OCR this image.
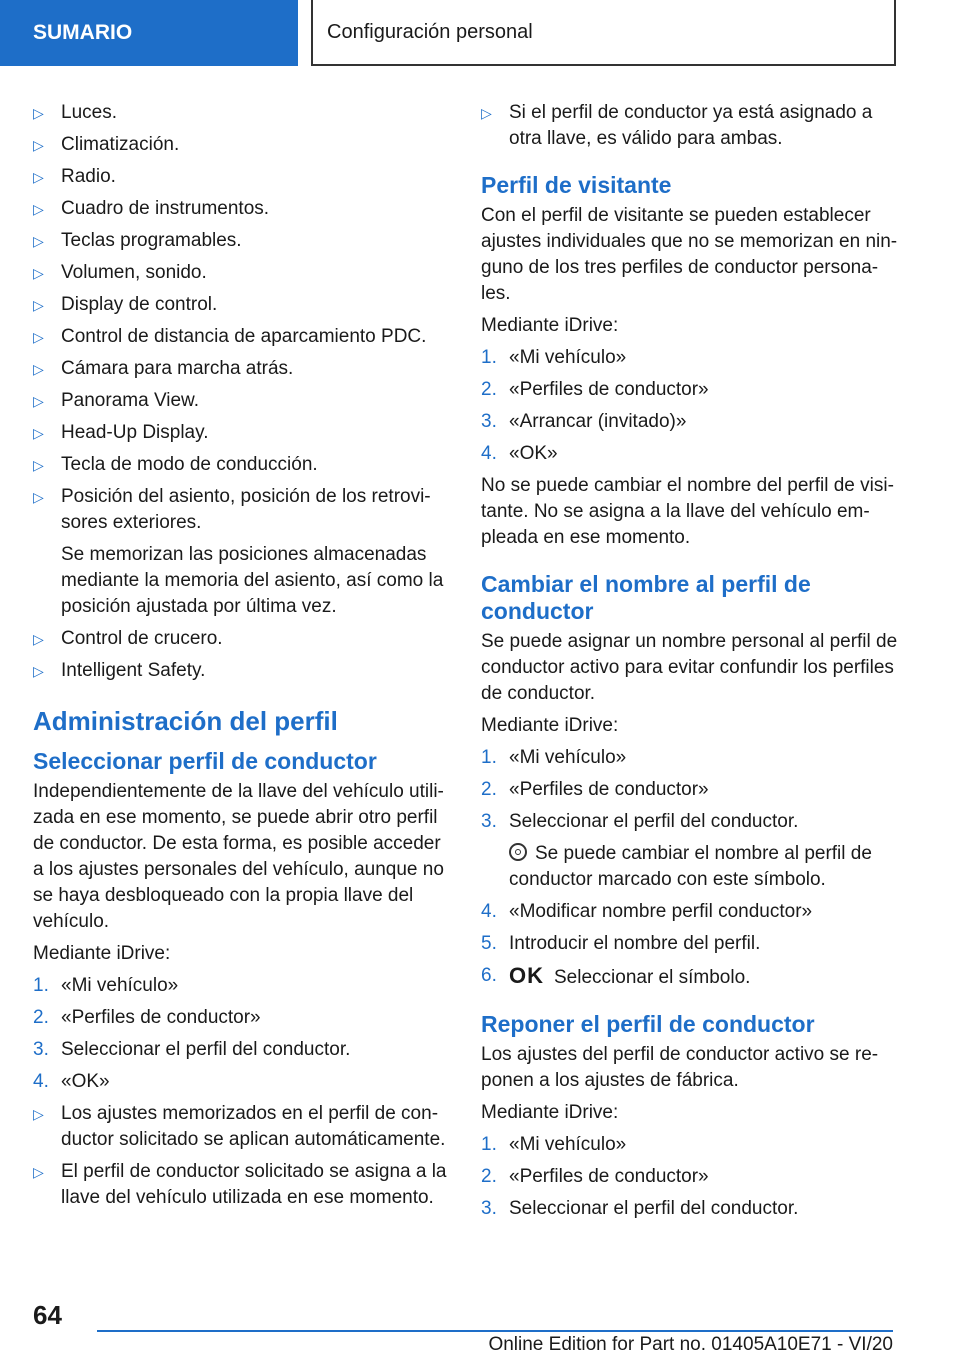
SUMARIO	Configuración personal
▷ Luces.
▷ Climatización.
▷ Radio.
▷ Cuadro de instrumentos.
▷ Teclas programables.
▷ Volumen, sonido.
▷ Display de control.
▷ Control de distancia de aparcamiento PDC.
▷ Cámara para marcha atrás.
▷ Panorama View.
▷ Head-Up Display.
▷ Tecla de modo de conducción.
▷ Posición del asiento, posición de los retrovi-sores exteriores.
Se memorizan las posiciones almacenadas mediante la memoria del asiento, así como la posición ajustada por última vez.
▷ Control de crucero.
▷ Intelligent Safety.
Administración del perfil
Seleccionar perfil de conductor

Independientemente de la llave del vehículo utili-zada en ese momento, se puede abrir otro perfil de conductor. De esta forma, es posible acceder a los ajustes personales del vehículo, aunque no se haya desbloqueado con la propia llave del vehículo.

Mediante iDrive:

1. «Mi vehículo»
2. «Perfiles de conductor»
3. Seleccionar el perfil del conductor.
4. «OK»
▷ Los ajustes memorizados en el perfil de con-ductor solicitado se aplican automáticamente.
▷ El perfil de conductor solicitado se asigna a la llave del vehículo utilizada en ese momento.
▷ Si el perfil de conductor ya está asignado a otra llave, es válido para ambas.
Perfil de visitante

Con el perfil de visitante se pueden establecer ajustes individuales que no se memorizan en nin-guno de los tres perfiles de conductor persona-les.

Mediante iDrive:

1. «Mi vehículo»
2. «Perfiles de conductor»
3. «Arrancar (invitado)»
4. «OK»

No se puede cambiar el nombre del perfil de visi-tante. No se asigna a la llave del vehículo em-pleada en ese momento.

Cambiar el nombre al perfil de conductor

Se puede asignar un nombre personal al perfil de conductor activo para evitar confundir los perfiles de conductor.

Mediante iDrive:

1. «Mi vehículo»
2. «Perfiles de conductor»
3. Seleccionar el perfil del conductor.
Se puede cambiar el nombre al perfil de conductor marcado con este símbolo.
4. «Modificar nombre perfil conductor»
5. Introducir el nombre del perfil.
6. OK Seleccionar el símbolo.
Reponer el perfil de conductor

Los ajustes del perfil de conductor activo se re-ponen a los ajustes de fábrica.

Mediante iDrive:

1. «Mi vehículo»
2. «Perfiles de conductor»
3. Seleccionar el perfil del conductor.
64
Online Edition for Part no. 01405A10E71 - VI/20
